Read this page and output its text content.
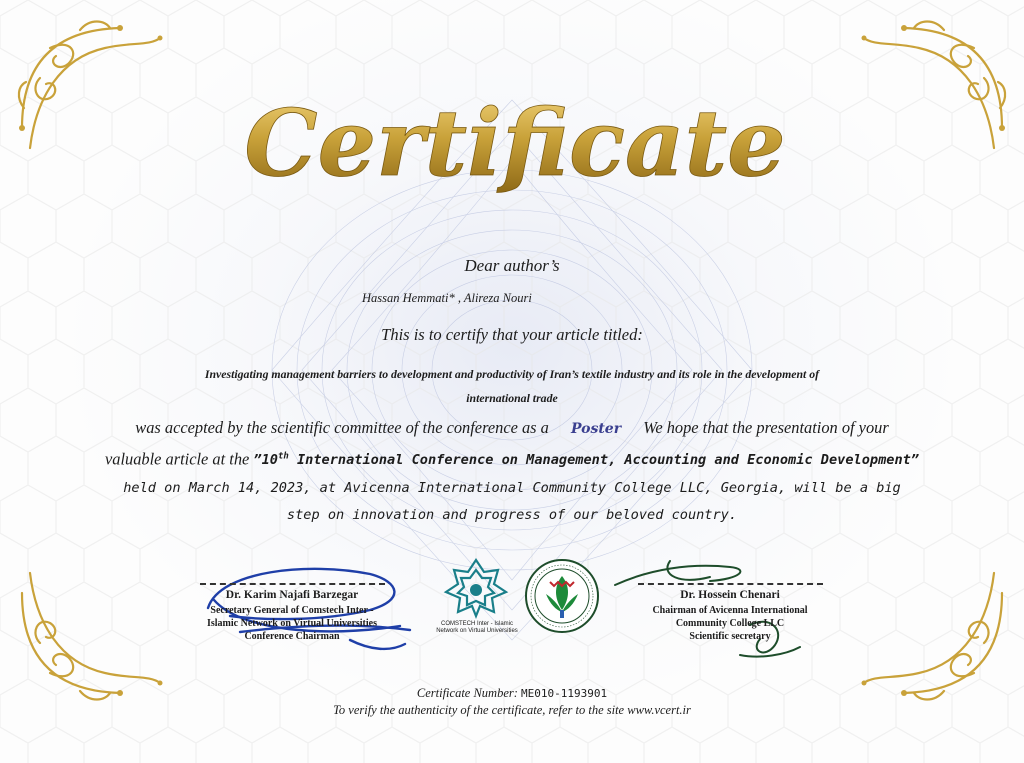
Certificate
Dear author’s
Hassan Hemmati* , Alireza Nouri
This is to certify that your article titled:
Investigating management barriers to development and productivity of Iran’s textile industry and its role in the development of
international trade
was accepted by the scientific committee of the conference as a Poster We hope that the presentation of your
valuable article at the ”10th International Conference on Management, Accounting and Economic Development”
held on March 14, 2023, at Avicenna International Community College LLC, Georgia, will be a big
step on innovation and progress of our beloved country.
Dr. Karim Najafi Barzegar
Secretary General of Comstech Inter -
Islamic Network on Virtual Universities
Conference Chairman
COMSTECH Inter - Islamic
Network on Virtual Universities
Dr. Hossein Chenari
Chairman of Avicenna International
Community College LLC
Scientific secretary
Certificate Number: ME010-1193901
To verify the authenticity of the certificate, refer to the site www.vcert.ir
